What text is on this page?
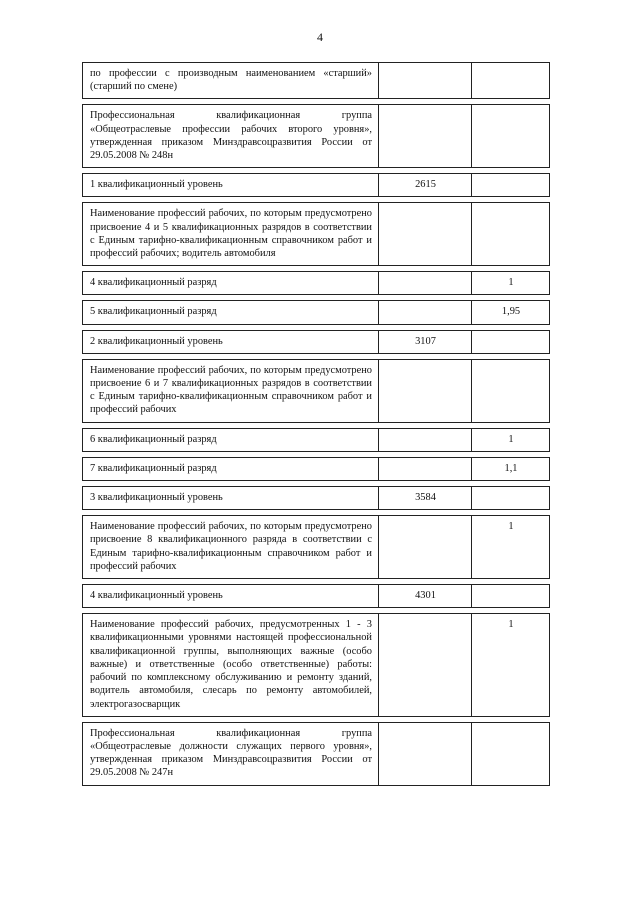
4
по профессии с производным наименованием «старший» (старший по смене)		

Профессиональная квалификационная группа «Общеотраслевые профессии рабочих второго уровня», утвержденная приказом Минздравсоцразвития России от 29.05.2008 № 248н		

1 квалификационный уровень	2615	

Наименование профессий рабочих, по которым предусмотрено присвоение 4 и 5 квалификационных разрядов в соответствии с Единым тарифно-квалификационным справочником работ и профессий рабочих; водитель автомобиля		

4 квалификационный разряд		1

5 квалификационный разряд		1,95

2 квалификационный уровень	3107	

Наименование профессий рабочих, по которым предусмотрено присвоение 6 и 7 квалификационных разрядов в соответствии с Единым тарифно-квалификационным справочником работ и профессий рабочих		

6 квалификационный разряд		1

7 квалификационный разряд		1,1

3 квалификационный уровень	3584	

Наименование профессий рабочих, по которым предусмотрено присвоение 8 квалификационного разряда в соответствии с Единым тарифно-квалификационным справочником работ и профессий рабочих		1

4 квалификационный уровень	4301	

Наименование профессий рабочих, предусмотренных 1 - 3 квалификационными уровнями настоящей профессиональной квалификационной группы, выполняющих важные (особо важные) и ответственные (особо ответственные) работы: рабочий по комплексному обслуживанию и ремонту зданий, водитель автомобиля, слесарь по ремонту автомобилей, электрогазосварщик		1

Профессиональная квалификационная группа «Общеотраслевые должности служащих первого уровня», утвержденная приказом Минздравсоцразвития России от 29.05.2008 № 247н		
